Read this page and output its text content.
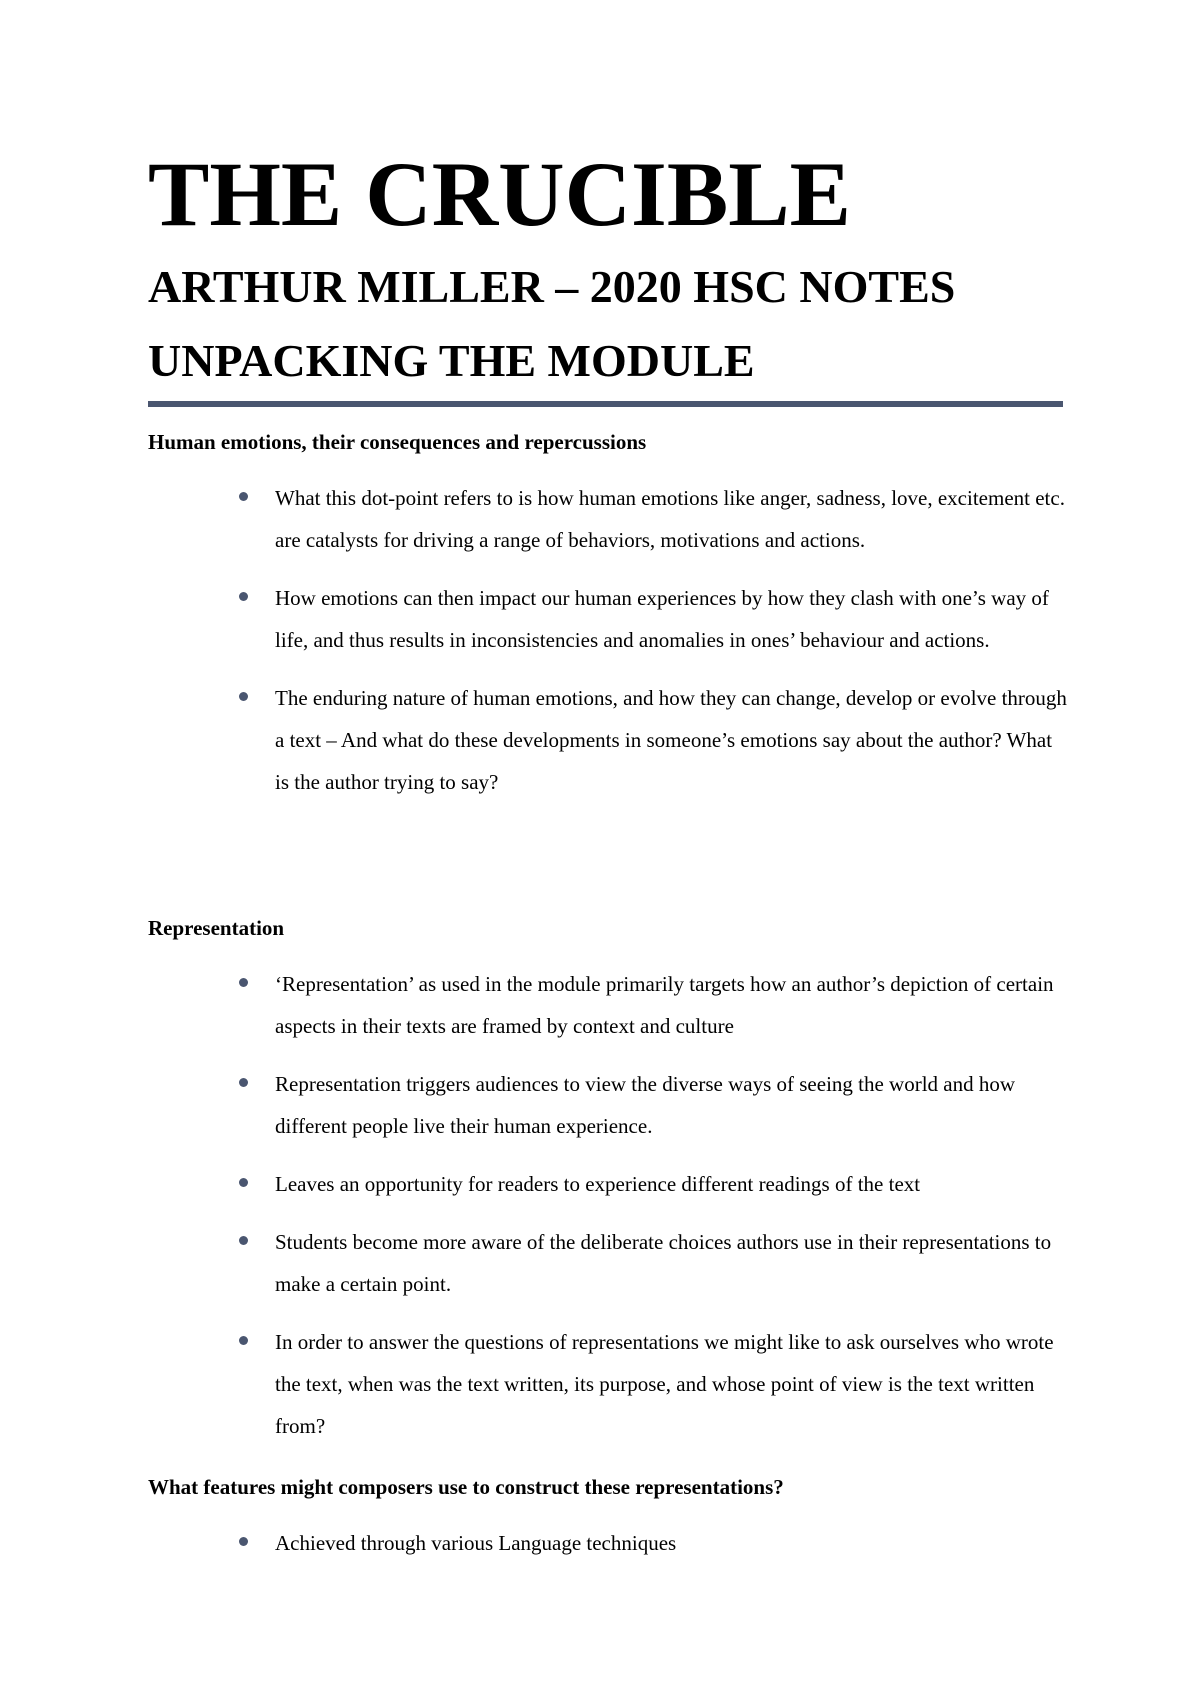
THE CRUCIBLE
ARTHUR MILLER – 2020 HSC NOTES
UNPACKING THE MODULE
Human emotions, their consequences and repercussions
What this dot-point refers to is how human emotions like anger, sadness, love, excitement etc. are catalysts for driving a range of behaviors, motivations and actions.
How emotions can then impact our human experiences by how they clash with one’s way of life, and thus results in inconsistencies and anomalies in ones’ behaviour and actions.
The enduring nature of human emotions, and how they can change, develop or evolve through a text – And what do these developments in someone’s emotions say about the author? What is the author trying to say?
Representation
‘Representation’ as used in the module primarily targets how an author’s depiction of certain aspects in their texts are framed by context and culture
Representation triggers audiences to view the diverse ways of seeing the world and how different people live their human experience.
Leaves an opportunity for readers to experience different readings of the text
Students become more aware of the deliberate choices authors use in their representations to make a certain point.
In order to answer the questions of representations we might like to ask ourselves who wrote the text, when was the text written, its purpose, and whose point of view is the text written from?
What features might composers use to construct these representations?
Achieved through various Language techniques
